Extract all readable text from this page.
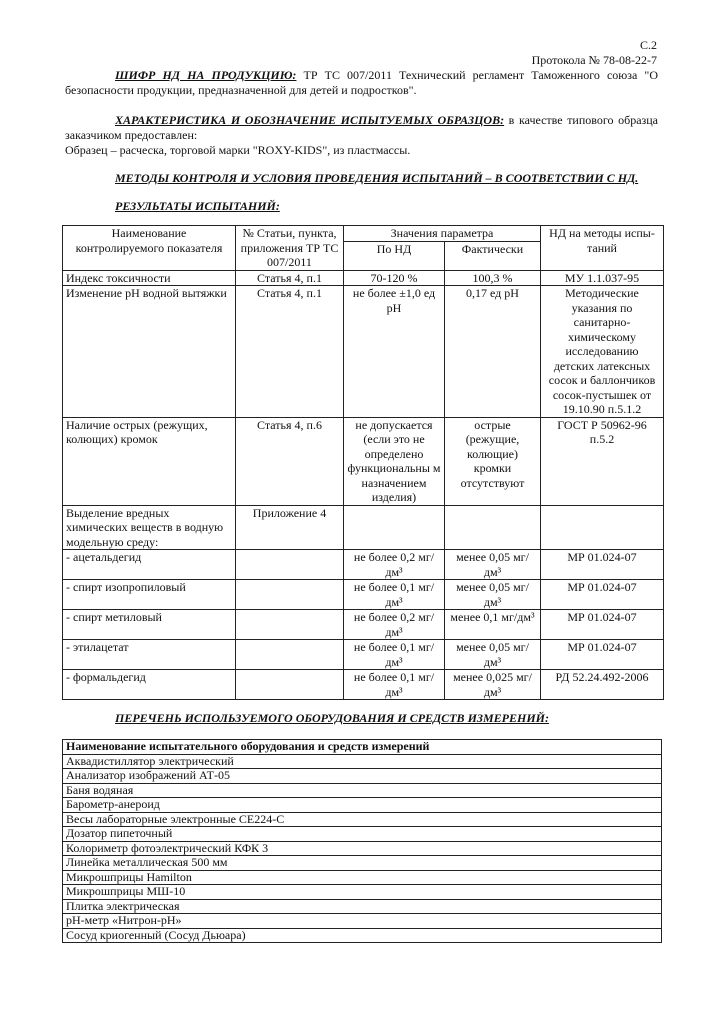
С.2
Протокола № 78-08-22-7
ШИФР НД НА ПРОДУКЦИЮ: ТР ТС 007/2011 Технический регламент Таможенного союза "О безопасности продукции, предназначенной для детей и подростков".
ХАРАКТЕРИСТИКА И ОБОЗНАЧЕНИЕ ИСПЫТУЕМЫХ ОБРАЗЦОВ: в качестве типового образца заказчиком предоставлен:
Образец – расческа, торговой марки "ROXY-KIDS", из пластмассы.
МЕТОДЫ КОНТРОЛЯ И УСЛОВИЯ ПРОВЕДЕНИЯ ИСПЫТАНИЙ – В СООТВЕТСТВИИ С НД.
РЕЗУЛЬТАТЫ ИСПЫТАНИЙ:
Наименование контролируемого показателя	№ Статьи, пункта, приложения ТР ТС 007/2011	Значения параметра		НД на методы испы-таний
		По НД	Фактически	
Индекс токсичности	Статья 4, п.1	70-120 %	100,3 %	МУ 1.1.037-95
Изменение рН водной вытяжки	Статья 4, п.1	не более ±1,0 ед рН	0,17 ед рН	Методические указания по санитарно-химическому исследованию детских латексных сосок и баллончиков сосок-пустышек от 19.10.90 п.5.1.2
Наличие острых (режущих, колющих) кромок	Статья 4, п.6	не допускается (если это не определено функциональны м назначением изделия)	острые (режущие, колющие) кромки отсутствуют	ГОСТ Р 50962-96 п.5.2
Выделение вредных химических веществ в водную модельную среду:	Приложение 4			
- ацетальдегид		не более 0,2 мг/дм³	менее 0,05 мг/дм³	МР 01.024-07
- спирт изопропиловый		не более 0,1 мг/дм³	менее 0,05 мг/дм³	МР 01.024-07
- спирт метиловый		не более 0,2 мг/дм³	менее 0,1 мг/дм³	МР 01.024-07
- этилацетат		не более 0,1 мг/дм³	менее 0,05 мг/дм³	МР 01.024-07
- формальдегид		не более 0,1 мг/дм³	менее 0,025 мг/дм³	РД 52.24.492-2006
ПЕРЕЧЕНЬ ИСПОЛЬЗУЕМОГО ОБОРУДОВАНИЯ И СРЕДСТВ ИЗМЕРЕНИЙ:
Наименование испытательного оборудования и средств измерений
Аквадистиллятор электрический
Анализатор изображений АТ-05
Баня водяная
Барометр-анероид
Весы лабораторные электронные СЕ224-С
Дозатор пипеточный
Колориметр фотоэлектрический КФК 3
Линейка металлическая 500 мм
Микрошприцы Hamilton
Микрошприцы МШ-10
Плитка электрическая
рН-метр «Нитрон-рН»
Сосуд криогенный (Сосуд Дьюара)
